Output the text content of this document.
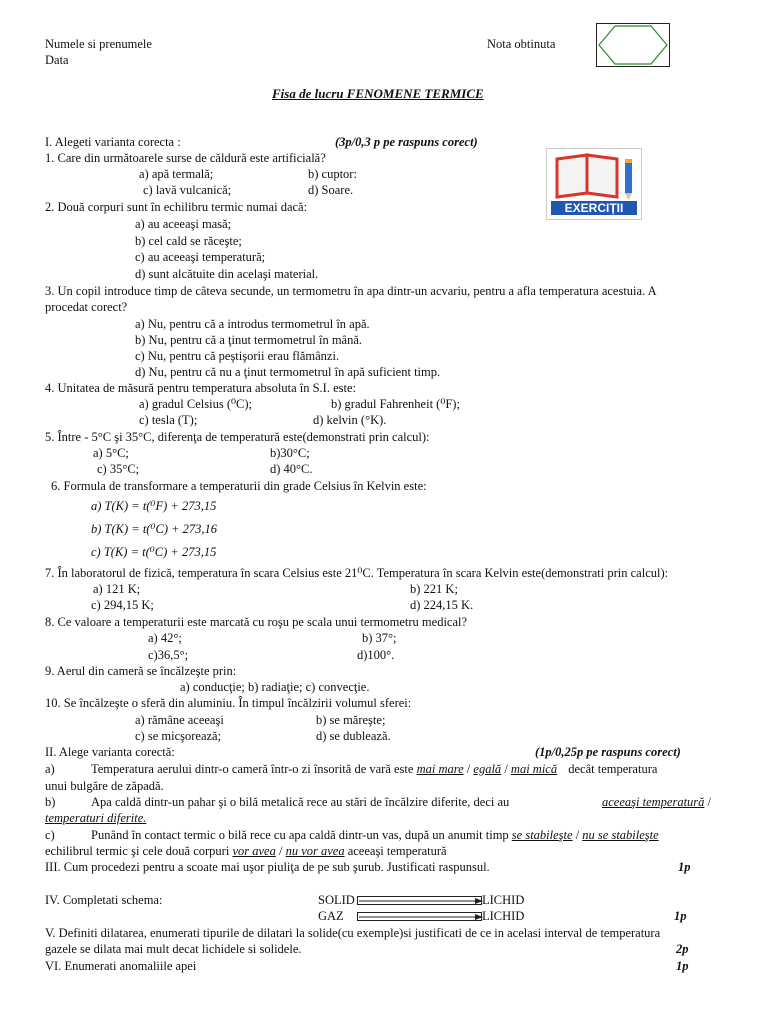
Numele si prenumele
Data
Nota obtinuta
Fisa de lucru FENOMENE TERMICE
EXERCIȚII
I. Alegeti varianta corecta :	(3p/0,3 p pe raspuns corect)
1. Care din următoarele surse de căldură este artificială?
a) apă termală;	b) cuptor:
c) lavă vulcanică;	d) Soare.
2. Două corpuri sunt în echilibru termic numai dacă:
a) au aceeaşi masă;
b) cel cald se răceşte;
c) au aceeaşi temperatură;
d) sunt alcătuite din acelaşi material.
3. Un copil introduce timp de câteva secunde, un termometru în apa dintr-un acvariu, pentru a afla temperatura acestuia. A
procedat corect?
a) Nu, pentru că a introdus termometrul în apă.
b) Nu, pentru că a ţinut termometrul în mână.
c) Nu, pentru că peştişorii erau flămânzi.
d) Nu, pentru că nu a ţinut termometrul în apă suficient timp.
4. Unitatea de măsură pentru temperatura absoluta în S.I. este:
a) gradul Celsius (⁰C);	b) gradul Fahrenheit (⁰F);
c) tesla (T);	d) kelvin (°K).
5. Între - 5°C şi 35°C, diferenţa de temperatură este(demonstrati prin calcul):
a) 5°C;	b)30°C;
c) 35°C;	d) 40°C.
6. Formula de transformare a temperaturii din grade Celsius în Kelvin este:
a) T(K) = t(⁰F) + 273,15
b) T(K) = t(⁰C) + 273,16
c) T(K) = t(⁰C) + 273,15
7. În laboratorul de fizică, temperatura în scara Celsius este 21⁰C. Temperatura în scara Kelvin este(demonstrati prin calcul):
a) 121 K;	b) 221 K;
c) 294,15 K;	d) 224,15 K.
8. Ce valoare a temperaturii este marcată cu roşu pe scala unui termometru medical?
a) 42°;	b) 37°;
c)36,5°;	d)100°.
9. Aerul din cameră se încălzeşte prin:
a) conducţie; b) radiaţie; c) convecţie.
10. Se încălzeşte o sferă din aluminiu. În timpul încălzirii volumul sferei:
a) rămâne aceeaşi	b) se măreşte;
c) se micşorează;	d) se dublează.
II. Alege varianta corectă:	(1p/0,25p pe raspuns corect)
a)	Temperatura aerului dintr-o cameră într-o zi însorită de vară este mai mare / egală / mai mică decât temperatura
unui bulgăre de zăpadă.
b)	Apa caldă dintr-un pahar şi o bilă metalică rece au stări de încălzire diferite, deci au	aceeaşi temperatură /
temperaturi diferite.
c)	Punând în contact termic o bilă rece cu apa caldă dintr-un vas, după un anumit timp se stabileşte / nu se stabileşte
echilibrul termic şi cele două corpuri vor avea / nu vor avea aceeaşi temperatură
III. Cum procedezi pentru a scoate mai uşor piuliţa de pe sub şurub. Justificati raspunsul.	1p
IV. Completati schema:	SOLID	LICHID
GAZ	LICHID	1p
V. Definiti dilatarea, enumerati tipurile de dilatari la solide(cu exemple)si justificati de ce in acelasi interval de temperatura
gazele se dilata mai mult decat lichidele si solidele.	2p
VI. Enumerati anomaliile apei	1p
